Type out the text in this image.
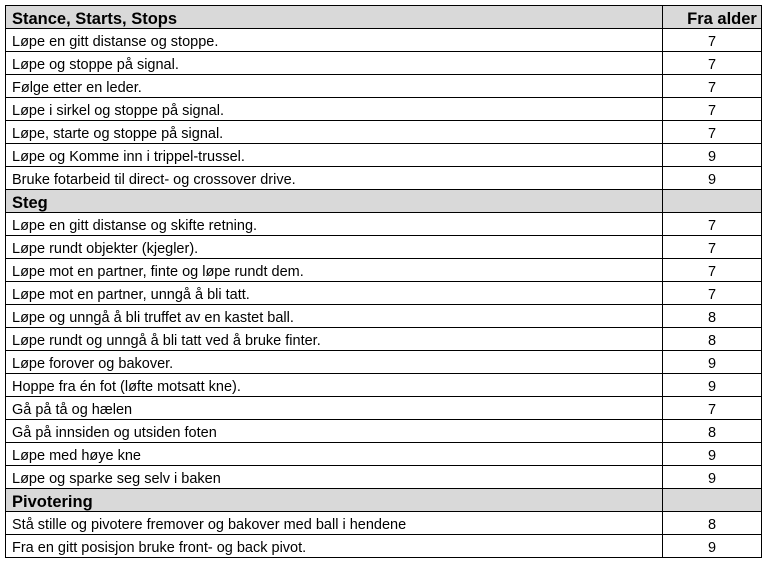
Stance, Starts, Stops	Fra alder
Løpe en gitt distanse og stoppe.	7
Løpe og stoppe på signal.	7
Følge etter en leder.	7
Løpe i sirkel og stoppe på signal.	7
Løpe, starte og stoppe på signal.	7
Løpe og Komme inn i trippel-trussel.	9
Bruke fotarbeid til direct- og crossover drive.	9
Steg	
Løpe en gitt distanse og skifte retning.	7
Løpe rundt objekter (kjegler).	7
Løpe mot en partner, finte og løpe rundt dem.	7
Løpe mot en partner, unngå å bli tatt.	7
Løpe og unngå å bli truffet av en kastet ball.	8
Løpe rundt og unngå å bli tatt ved å bruke finter.	8
Løpe forover og bakover.	9
Hoppe fra én fot (løfte motsatt kne).	9
Gå på tå og hælen	7
Gå på innsiden og utsiden foten	8
Løpe med høye kne	9
Løpe og sparke seg selv i baken	9
Pivotering	
Stå stille og pivotere fremover og bakover med ball i hendene	8
Fra en gitt posisjon bruke front- og back pivot.	9
